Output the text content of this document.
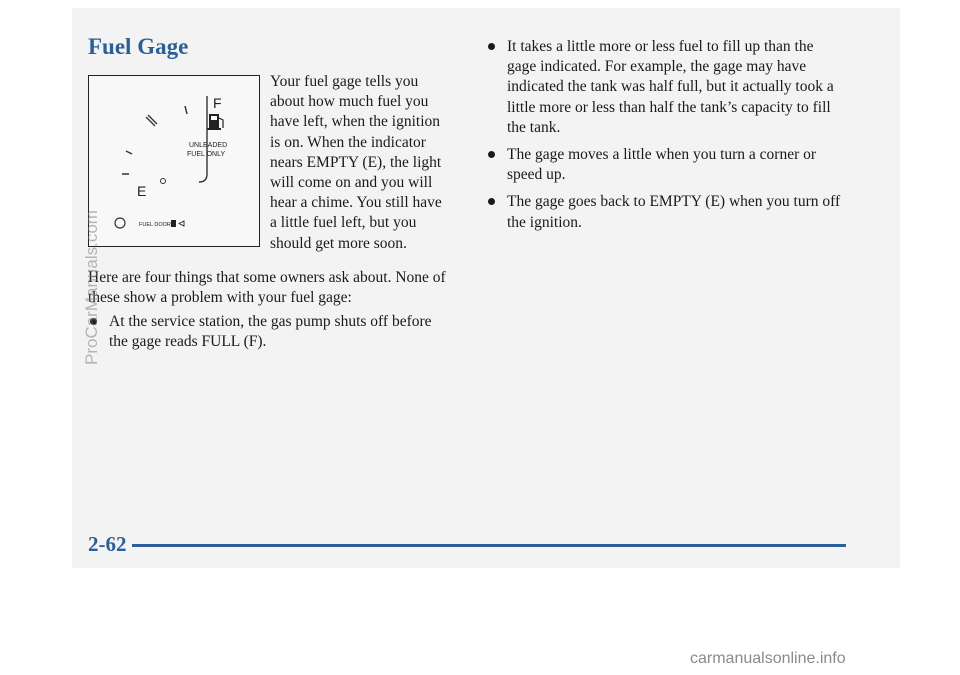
Fuel Gage
F
E
UNLEADED
FUEL ONLY
FUEL DOOR

Your fuel gage tells you about how much fuel you have left, when the ignition is on. When the indicator nears EMPTY (E), the light will come on and you will hear a chime. You still have a little fuel left, but you should get more soon.

Here are four things that some owners ask about. None of these show a problem with your fuel gage:

At the service station, the gas pump shuts off before the gage reads FULL (F).
It takes a little more or less fuel to fill up than the gage indicated. For example, the gage may have indicated the tank was half full, but it actually took a little more or less than half the tank’s capacity to fill the tank.
The gage moves a little when you turn a corner or speed up.
The gage goes back to EMPTY (E) when you turn off the ignition.
2-62
ProCarManuals.com
carmanualsonline.info
